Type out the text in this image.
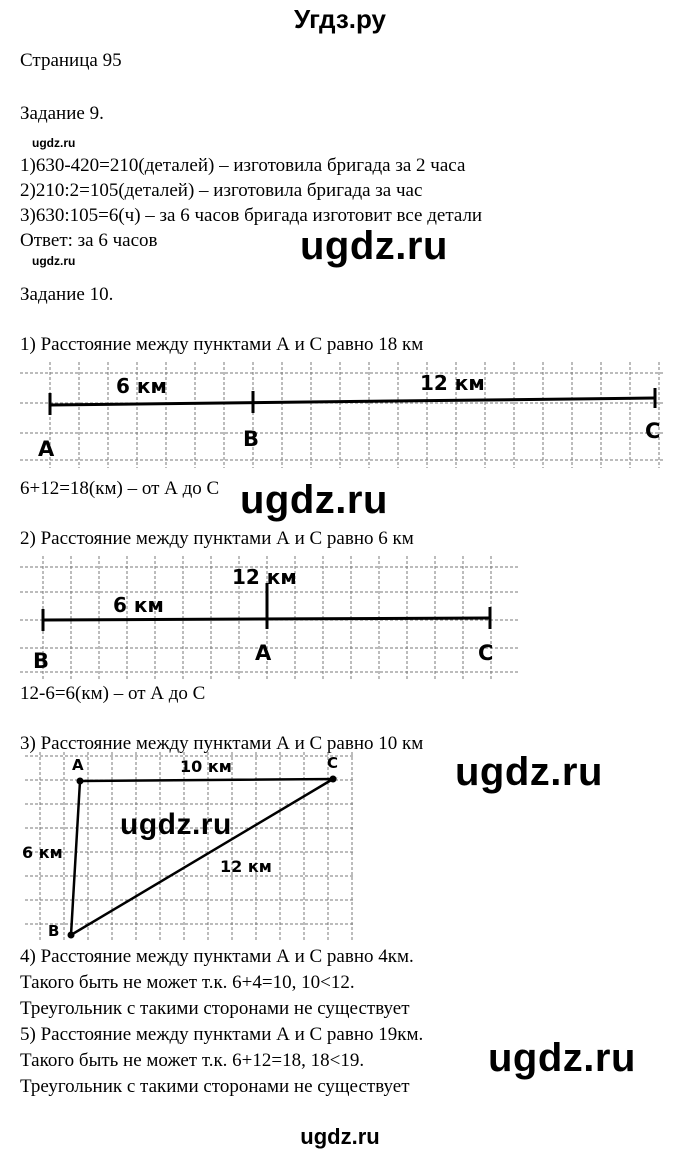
Угдз.ру
Страница 95
Задание 9.
ugdz.ru
1)630-420=210(деталей) – изготовила бригада за 2 часа
2)210:2=105(деталей) – изготовила бригада за час
3)630:105=6(ч) – за 6 часов бригада изготовит все детали
Ответ: за 6 часов
ugdz.ru	ugdz.ru
Задание 10.
1) Расстояние между пунктами А и С равно 18 км
6 км	12 км
A	B	C
6+12=18(км) – от А до С ugdz.ru
2) Расстояние между пунктами А и С равно 6 км
12 км
6 км
B	A	C
12-6=6(км) – от А до С
3) Расстояние между пунктами А и С равно 10 км
A	C
B
10 км
6 км
12 км
ugdz.ru
ugdz.ru
4) Расстояние между пунктами А и С равно 4км.
Такого быть не может т.к. 6+4=10, 10<12.
Треугольник с такими сторонами не существует
5) Расстояние между пунктами А и С равно 19км.
Такого быть не может т.к. 6+12=18, 18<19.
Треугольник с такими сторонами не существует
ugdz.ru
ugdz.ru
